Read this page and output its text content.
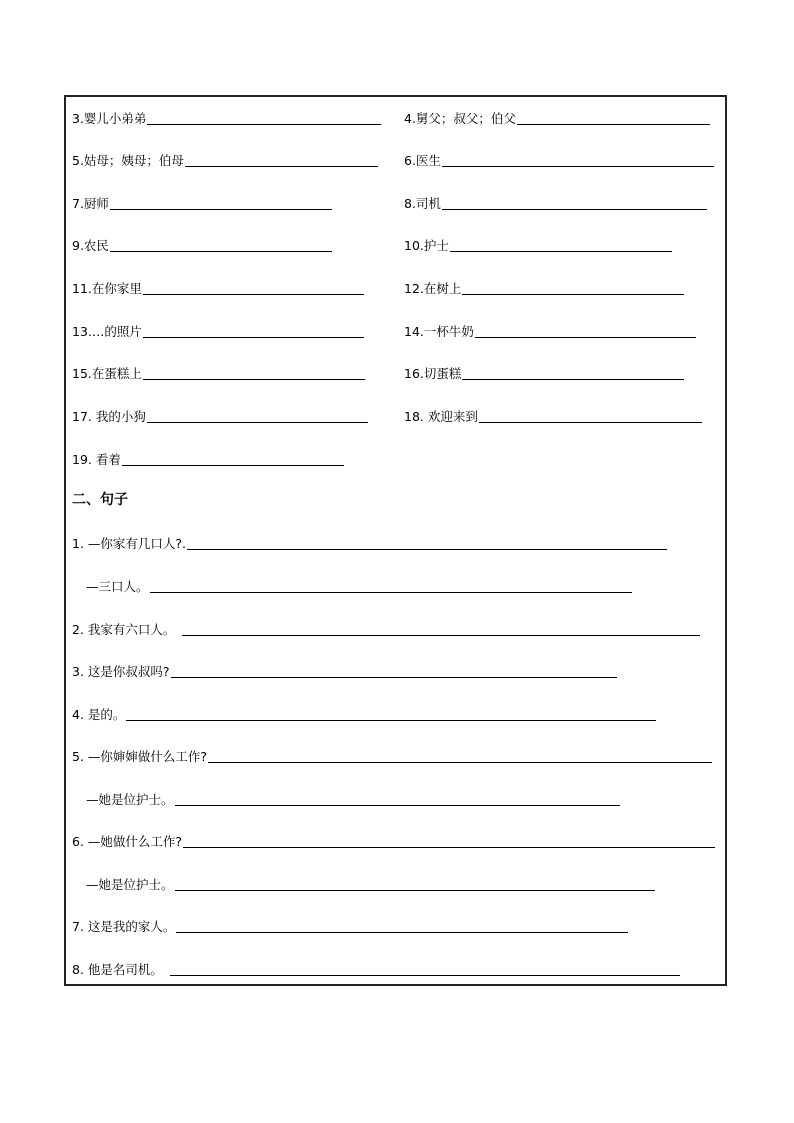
3.婴儿小弟弟	4.舅父；叔父；伯父
5.姑母；姨母；伯母	6.医生
7.厨师	8.司机
9.农民	10.护士
11.在你家里	12.在树上
13.…的照片	14.一杯牛奶
15.在蛋糕上	16.切蛋糕
17. 我的小狗	18. 欢迎来到
19. 看着
二、句子
1. —你家有几口人?.
—三口人。
2. 我家有六口人。
3. 这是你叔叔吗?
4. 是的。
5. —你婶婶做什么工作?
—她是位护士。
6. —她做什么工作?
—她是位护士。
7. 这是我的家人。
8. 他是名司机。
